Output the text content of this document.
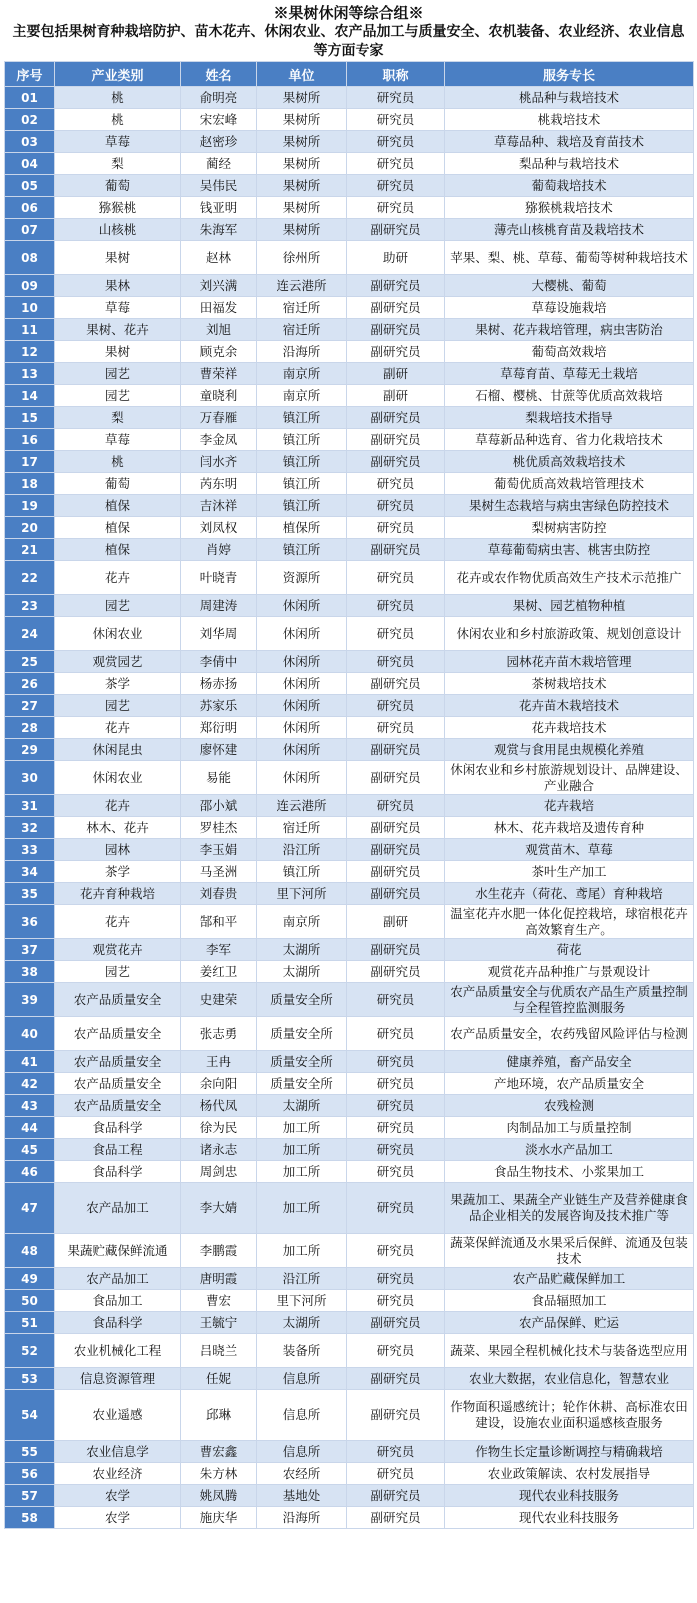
※果树休闲等综合组※
主要包括果树育种栽培防护、苗木花卉、休闲农业、农产品加工与质量安全、农机装备、农业经济、农业信息等方面专家
序号	产业类别	姓名	单位	职称	服务专长
01	桃	俞明亮	果树所	研究员	桃品种与栽培技术
02	桃	宋宏峰	果树所	研究员	桃栽培技术
03	草莓	赵密珍	果树所	研究员	草莓品种、栽培及育苗技术
04	梨	蔺经	果树所	研究员	梨品种与栽培技术
05	葡萄	吴伟民	果树所	研究员	葡萄栽培技术
06	猕猴桃	钱亚明	果树所	研究员	猕猴桃栽培技术
07	山核桃	朱海军	果树所	副研究员	薄壳山核桃育苗及栽培技术
08	果树	赵林	徐州所	助研	苹果、梨、桃、草莓、葡萄等树种栽培技术
09	果林	刘兴满	连云港所	副研究员	大樱桃、葡萄
10	草莓	田福发	宿迁所	副研究员	草莓设施栽培
11	果树、花卉	刘旭	宿迁所	副研究员	果树、花卉栽培管理，病虫害防治
12	果树	顾克余	沿海所	副研究员	葡萄高效栽培
13	园艺	曹荣祥	南京所	副研	草莓育苗、草莓无土栽培
14	园艺	童晓利	南京所	副研	石榴、樱桃、甘蔗等优质高效栽培
15	梨	万春雁	镇江所	副研究员	梨栽培技术指导
16	草莓	李金凤	镇江所	副研究员	草莓新品种选育、省力化栽培技术
17	桃	闫水齐	镇江所	副研究员	桃优质高效栽培技术
18	葡萄	芮东明	镇江所	研究员	葡萄优质高效栽培管理技术
19	植保	吉沐祥	镇江所	研究员	果树生态栽培与病虫害绿色防控技术
20	植保	刘凤权	植保所	研究员	梨树病害防控
21	植保	肖婷	镇江所	副研究员	草莓葡萄病虫害、桃害虫防控
22	花卉	叶晓青	资源所	研究员	花卉或农作物优质高效生产技术示范推广
23	园艺	周建涛	休闲所	研究员	果树、园艺植物种植
24	休闲农业	刘华周	休闲所	研究员	休闲农业和乡村旅游政策、规划创意设计
25	观赏园艺	李倩中	休闲所	研究员	园林花卉苗木栽培管理
26	茶学	杨赤扬	休闲所	副研究员	茶树栽培技术
27	园艺	苏家乐	休闲所	研究员	花卉苗木栽培技术
28	花卉	郑衍明	休闲所	研究员	花卉栽培技术
29	休闲昆虫	廖怀建	休闲所	副研究员	观赏与食用昆虫规模化养殖
30	休闲农业	易能	休闲所	副研究员	休闲农业和乡村旅游规划设计、品牌建设、产业融合
31	花卉	邵小斌	连云港所	研究员	花卉栽培
32	林木、花卉	罗桂杰	宿迁所	副研究员	林木、花卉栽培及遗传育种
33	园林	李玉娟	沿江所	副研究员	观赏苗木、草莓
34	茶学	马圣洲	镇江所	副研究员	茶叶生产加工
35	花卉育种栽培	刘春贵	里下河所	副研究员	水生花卉（荷花、鸢尾）育种栽培
36	花卉	郜和平	南京所	副研	温室花卉水肥一体化促控栽培，球宿根花卉高效繁育生产。
37	观赏花卉	李军	太湖所	副研究员	荷花
38	园艺	姜红卫	太湖所	副研究员	观赏花卉品种推广与景观设计
39	农产品质量安全	史建荣	质量安全所	研究员	农产品质量安全与优质农产品生产质量控制与全程管控监测服务
40	农产品质量安全	张志勇	质量安全所	研究员	农产品质量安全，农药残留风险评估与检测
41	农产品质量安全	王冉	质量安全所	研究员	健康养殖，畜产品安全
42	农产品质量安全	余向阳	质量安全所	研究员	产地环境，农产品质量安全
43	农产品质量安全	杨代凤	太湖所	研究员	农残检测
44	食品科学	徐为民	加工所	研究员	肉制品加工与质量控制
45	食品工程	诸永志	加工所	研究员	淡水水产品加工
46	食品科学	周剑忠	加工所	研究员	食品生物技术、小浆果加工
47	农产品加工	李大婧	加工所	研究员	果蔬加工、果蔬全产业链生产及营养健康食品企业相关的发展咨询及技术推广等
48	果蔬贮藏保鲜流通	李鹏霞	加工所	研究员	蔬菜保鲜流通及水果采后保鲜、流通及包装技术
49	农产品加工	唐明霞	沿江所	研究员	农产品贮藏保鲜加工
50	食品加工	曹宏	里下河所	研究员	食品辐照加工
51	食品科学	王毓宁	太湖所	副研究员	农产品保鲜、贮运
52	农业机械化工程	吕晓兰	装备所	研究员	蔬菜、果园全程机械化技术与装备选型应用
53	信息资源管理	任妮	信息所	副研究员	农业大数据，农业信息化，智慧农业
54	农业遥感	邱琳	信息所	副研究员	作物面积遥感统计；轮作休耕、高标准农田建设，设施农业面积遥感核查服务
55	农业信息学	曹宏鑫	信息所	研究员	作物生长定量诊断调控与精确栽培
56	农业经济	朱方林	农经所	研究员	农业政策解读、农村发展指导
57	农学	姚凤腾	基地处	副研究员	现代农业科技服务
58	农学	施庆华	沿海所	副研究员	现代农业科技服务
